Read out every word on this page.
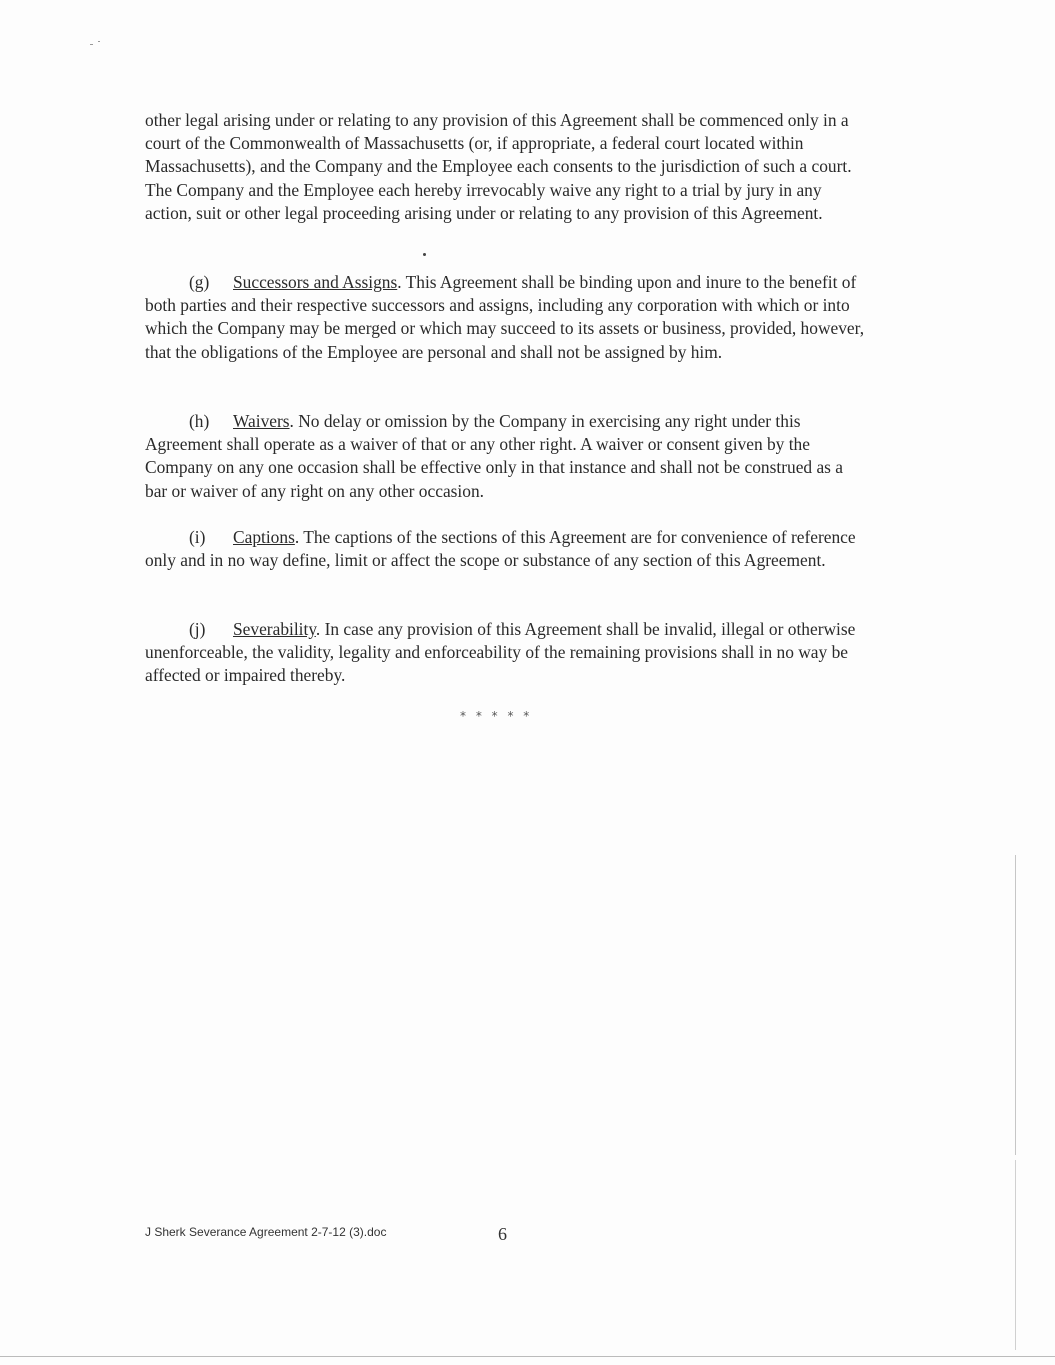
other legal arising under or relating to any provision of this Agreement shall be commenced only in a court of the Commonwealth of Massachusetts (or, if appropriate, a federal court located within Massachusetts), and the Company and the Employee each consents to the jurisdiction of such a court. The Company and the Employee each hereby irrevocably waive any right to a trial by jury in any action, suit or other legal proceeding arising under or relating to any provision of this Agreement.

(g) Successors and Assigns. This Agreement shall be binding upon and inure to the benefit of both parties and their respective successors and assigns, including any corporation with which or into which the Company may be merged or which may succeed to its assets or business, provided, however, that the obligations of the Employee are personal and shall not be assigned by him.

(h) Waivers. No delay or omission by the Company in exercising any right under this Agreement shall operate as a waiver of that or any other right. A waiver or consent given by the Company on any one occasion shall be effective only in that instance and shall not be construed as a bar or waiver of any right on any other occasion.

(i) Captions. The captions of the sections of this Agreement are for convenience of reference only and in no way define, limit or affect the scope or substance of any section of this Agreement.

(j) Severability. In case any provision of this Agreement shall be invalid, illegal or otherwise unenforceable, the validity, legality and enforceability of the remaining provisions shall in no way be affected or impaired thereby.

* * * * *
J Sherk Severance Agreement 2-7-12 (3).doc	6
